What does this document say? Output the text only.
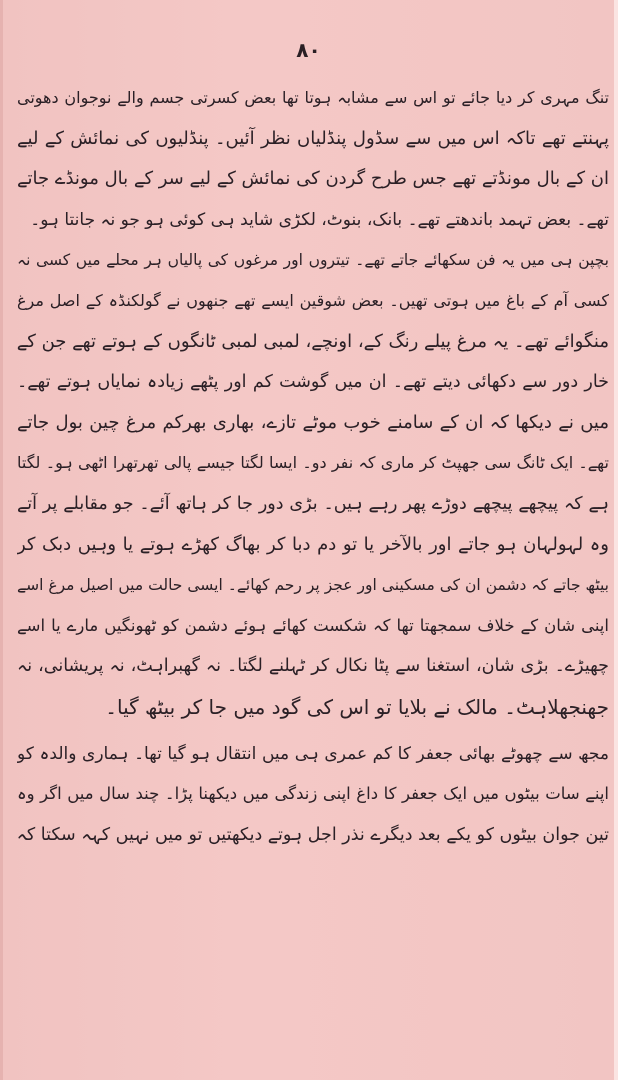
۸۰
تنگ مہری کر دیا جائے تو اس سے مشابہ ہوتا تھا بعض کسرتی جسم والے نوجوان دھوتی
پہنتے تھے تاکہ اس میں سے سڈول پنڈلیاں نظر آئیں۔ پنڈلیوں کی نمائش کے لیے
ان کے بال مونڈتے تھے جس طرح گردن کی نمائش کے لیے سر کے بال مونڈے جاتے
تھے۔ بعض تہمد باندھتے تھے۔ بانک، بنوٹ، لکڑی شاید ہی کوئی ہو جو نہ جانتا ہو۔
بچپن ہی میں یہ فن سکھائے جاتے تھے۔ تیتروں اور مرغوں کی پالیاں ہر محلے میں کسی نہ
کسی آم کے باغ میں ہوتی تھیں۔ بعض شوقین ایسے تھے جنھوں نے گولکنڈہ کے اصل مرغ
منگوائے تھے۔ یہ مرغ پیلے رنگ کے، اونچے، لمبی لمبی ٹانگوں کے ہوتے تھے جن کے
خار دور سے دکھائی دیتے تھے۔ ان میں گوشت کم اور پٹھے زیادہ نمایاں ہوتے تھے۔
میں نے دیکھا کہ ان کے سامنے خوب موٹے تازے، بھاری بھرکم مرغ چین بول جاتے
تھے۔ ایک ٹانگ سی جھپٹ کر ماری کہ نفر دو۔ ایسا لگتا جیسے پالی تھرتھرا اٹھی ہو۔ لگتا
ہے کہ پیچھے پیچھے دوڑے پھر رہے ہیں۔ بڑی دور جا کر ہاتھ آئے۔ جو مقابلے پر آتے
وہ لہولہان ہو جاتے اور بالآخر یا تو دم دبا کر بھاگ کھڑے ہوتے یا وہیں دبک کر
بیٹھ جاتے کہ دشمن ان کی مسکینی اور عجز پر رحم کھائے۔ ایسی حالت میں اصیل مرغ اسے
اپنی شان کے خلاف سمجھتا تھا کہ شکست کھائے ہوئے دشمن کو ٹھونگیں مارے یا اسے
چھیڑے۔ بڑی شان، استغنا سے پٹا نکال کر ٹہلنے لگتا۔ نہ گھبراہٹ، نہ پریشانی، نہ
جھنجھلاہٹ۔ مالک نے بلایا تو اس کی گود میں جا کر بیٹھ گیا۔
مجھ سے چھوٹے بھائی جعفر کا کم عمری ہی میں انتقال ہو گیا تھا۔ ہماری والدہ کو
اپنے سات بیٹوں میں ایک جعفر کا داغ اپنی زندگی میں دیکھنا پڑا۔ چند سال میں اگر وہ
تین جوان بیٹوں کو یکے بعد دیگرے نذر اجل ہوتے دیکھتیں تو میں نہیں کہہ سکتا کہ
